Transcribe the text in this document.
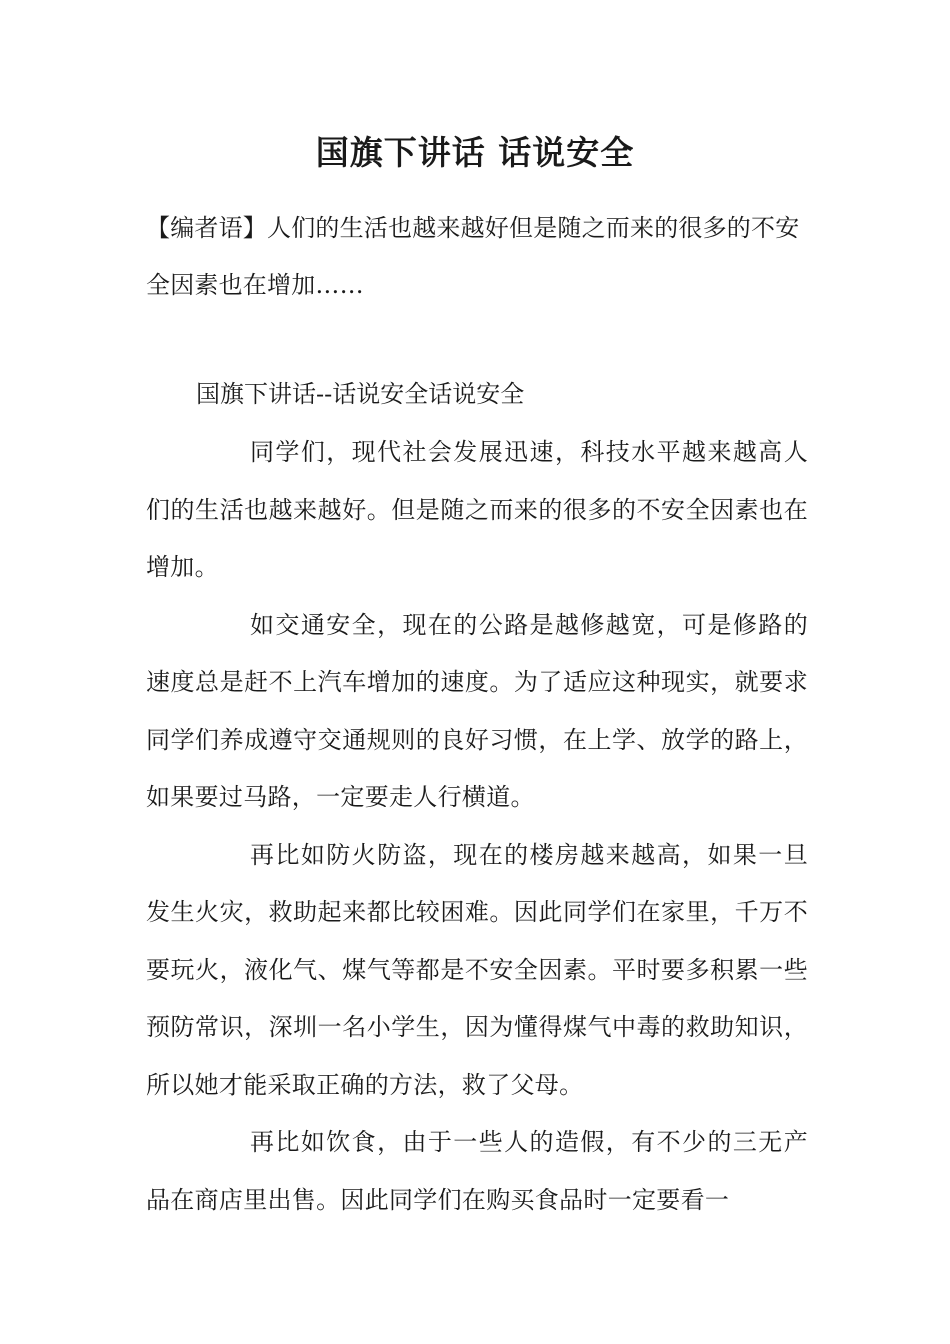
国旗下讲话 话说安全

【编者语】人们的生活也越来越好但是随之而来的很多的不安全因素也在增加……

国旗下讲话--话说安全话说安全

同学们，现代社会发展迅速，科技水平越来越高人们的生活也越来越好。但是随之而来的很多的不安全因素也在增加。

如交通安全，现在的公路是越修越宽，可是修路的速度总是赶不上汽车增加的速度。为了适应这种现实，就要求同学们养成遵守交通规则的良好习惯，在上学、放学的路上，如果要过马路，一定要走人行横道。

再比如防火防盗，现在的楼房越来越高，如果一旦发生火灾，救助起来都比较困难。因此同学们在家里，千万不要玩火，液化气、煤气等都是不安全因素。平时要多积累一些预防常识，深圳一名小学生，因为懂得煤气中毒的救助知识，所以她才能采取正确的方法，救了父母。

再比如饮食，由于一些人的造假，有不少的三无产品在商店里出售。因此同学们在购买食品时一定要看一
